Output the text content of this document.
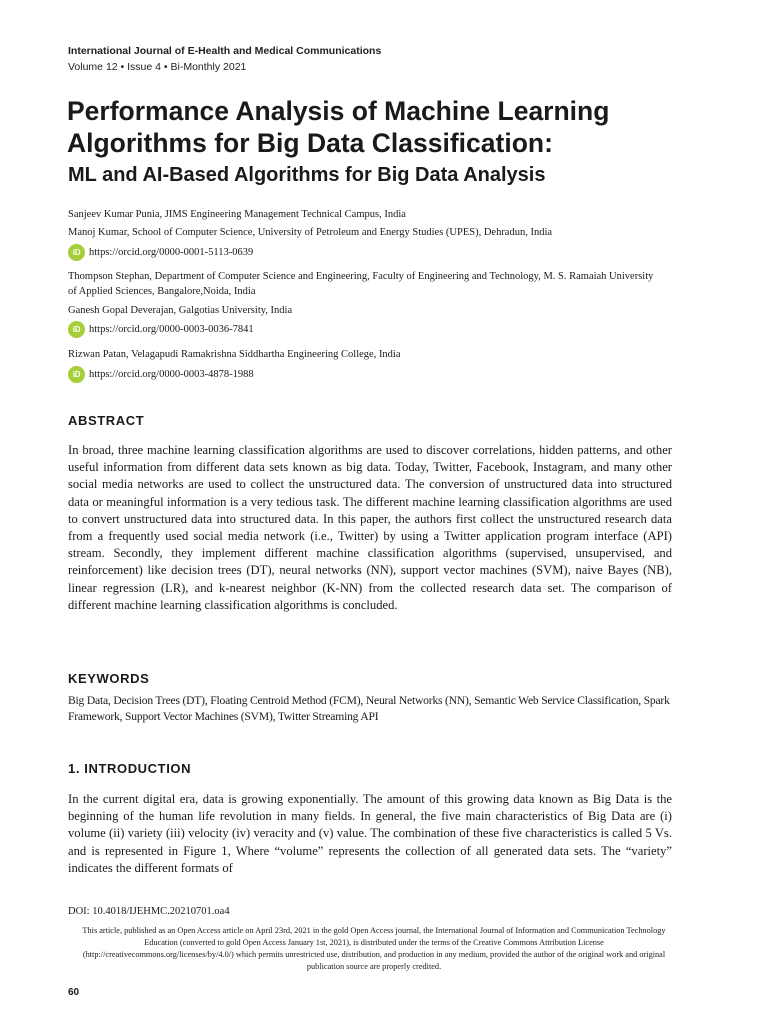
International Journal of E-Health and Medical Communications
Volume 12 • Issue 4 • Bi-Monthly 2021
Performance Analysis of Machine Learning Algorithms for Big Data Classification:
ML and AI-Based Algorithms for Big Data Analysis
Sanjeev Kumar Punia, JIMS Engineering Management Technical Campus, India
Manoj Kumar, School of Computer Science, University of Petroleum and Energy Studies (UPES), Dehradun, India
iD https://orcid.org/0000-0001-5113-0639
Thompson Stephan, Department of Computer Science and Engineering, Faculty of Engineering and Technology, M. S. Ramaiah University of Applied Sciences, Bangalore,Noida, India
Ganesh Gopal Deverajan, Galgotias University, India
iD https://orcid.org/0000-0003-0036-7841
Rizwan Patan, Velagapudi Ramakrishna Siddhartha Engineering College, India
iD https://orcid.org/0000-0003-4878-1988
ABSTRACT

In broad, three machine learning classification algorithms are used to discover correlations, hidden patterns, and other useful information from different data sets known as big data. Today, Twitter, Facebook, Instagram, and many other social media networks are used to collect the unstructured data. The conversion of unstructured data into structured data or meaningful information is a very tedious task. The different machine learning classification algorithms are used to convert unstructured data into structured data. In this paper, the authors first collect the unstructured research data from a frequently used social media network (i.e., Twitter) by using a Twitter application program interface (API) stream. Secondly, they implement different machine classification algorithms (supervised, unsupervised, and reinforcement) like decision trees (DT), neural networks (NN), support vector machines (SVM), naive Bayes (NB), linear regression (LR), and k-nearest neighbor (K-NN) from the collected research data set. The comparison of different machine learning classification algorithms is concluded.

KEYWORDS

Big Data, Decision Trees (DT), Floating Centroid Method (FCM), Neural Networks (NN), Semantic Web Service Classification, Spark Framework, Support Vector Machines (SVM), Twitter Streaming API

1. INTRODUCTION

In the current digital era, data is growing exponentially. The amount of this growing data known as Big Data is the beginning of the human life revolution in many fields. In general, the five main characteristics of Big Data are (i) volume (ii) variety (iii) velocity (iv) veracity and (v) value. The combination of these five characteristics is called 5 Vs. and is represented in Figure 1, Where “volume” represents the collection of all generated data sets. The “variety” indicates the different formats of

DOI: 10.4018/IJEHMC.20210701.oa4

This article, published as an Open Access article on April 23rd, 2021 in the gold Open Access journal, the International Journal of Information and Communication Technology Education (converted to gold Open Access January 1st, 2021), is distributed under the terms of the Creative Commons Attribution License (http://creativecommons.org/licenses/by/4.0/) which permits unrestricted use, distribution, and production in any medium, provided the author of the original work and original publication source are properly credited.

60
